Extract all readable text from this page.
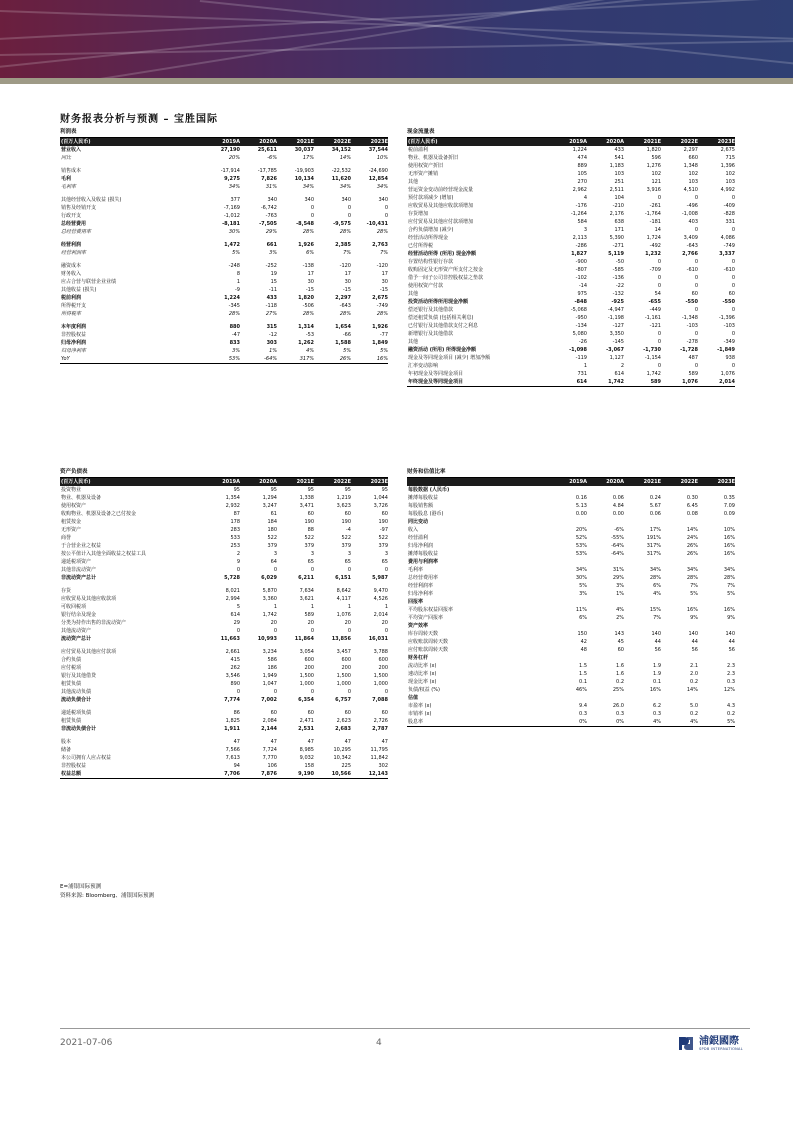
财务报表分析与预测 – 宝胜国际
利润表
(百万人民币)	2019A	2020A	2021E	2022E	2023E
营业收入	27,190	25,611	30,037	34,152	37,544
同比	20%	-6%	17%	14%	10%
销售成本	-17,914	-17,785	-19,903	-22,532	-24,690
毛利	9,275	7,826	10,134	11,620	12,854
毛利率	34%	31%	34%	34%	34%
其他经营收入及收益 (损失)	377	340	340	340	340
销售及经销开支	-7,169	-6,742	0	0	0
行政开支	-1,012	-763	0	0	0
总经营费用	-8,181	-7,505	-8,548	-9,575	-10,431
总经营费用率	30%	29%	28%	28%	28%
经营利润	1,472	661	1,926	2,385	2,763
经营利润率	5%	3%	6%	7%	7%
融资成本	-248	-252	-138	-120	-120
财务收入	8	19	17	17	17
应占合营与联营企业业绩	1	15	30	30	30
其他收益 (损失)	-9	-11	-15	-15	-15
税前利润	1,224	433	1,820	2,297	2,675
所得税开支	-345	-118	-506	-643	-749
所得税率	28%	27%	28%	28%	28%
本年度利润	880	315	1,314	1,654	1,926
非控股权益	-47	-12	-53	-66	-77
归母净利润	833	303	1,262	1,588	1,849
归母净利率	3%	1%	4%	5%	5%
YoY	53%	-64%	317%	26%	16%
现金流量表
(百万人民币)	2019A	2020A	2021E	2022E	2023E
税前溢利	1,224	433	1,820	2,297	2,675
物业、机器及设备折旧	474	541	596	660	715
使用权资产折旧	889	1,183	1,276	1,348	1,396
无形资产摊销	105	103	102	102	102
其他	270	251	121	103	103
营运资金变动前经营现金流量	2,962	2,511	3,916	4,510	4,992
预付款项减少 (增加)	4	104	0	0	0
应收贸易及其他应收款项增加	-176	-210	-261	-496	-409
存货增加	-1,264	2,176	-1,764	-1,008	-828
应付贸易及其他应付款项增加	584	638	-181	403	331
合约负债增加 (减少)	3	171	14	0	0
经营活动所得现金	2,113	5,390	1,724	3,409	4,086
已付所得税	-286	-271	-492	-643	-749
经营活动所得 (所用) 现金净额	1,827	5,119	1,232	2,766	3,337
存置结构性银行存款	-900	-50	0	0	0
收购固定及无形资产所支付之按金	-807	-585	-709	-610	-610
借予一间子公司非控股权益之垫款	-102	-136	0	0	0
使用权资产付款	-14	-22	0	0	0
其他	975	-132	54	60	60
投资活动所得所用现金净额	-848	-925	-655	-550	-550
偿还银行及其他借款	-5,068	-4,947	-449	0	0
偿还租赁负债 (包括相关利息)	-950	-1,198	-1,161	-1,348	-1,396
已付银行及其他借款支付之利息	-134	-127	-121	-103	-103
新增银行及其他借款	5,080	3,350	0	0	0
其他	-26	-145	0	-278	-349
融资活动 (所用) 所得现金净额	-1,098	-3,067	-1,730	-1,728	-1,849
现金及等同现金项目 (减少) 增加净额	-119	1,127	-1,154	487	938
汇率变动影响	1	2	0	0	0
年初现金及等同现金项目	731	614	1,742	589	1,076
年终现金及等同现金项目	614	1,742	589	1,076	2,014
资产负债表
(百万人民币)	2019A	2020A	2021E	2022E	2023E
投资物业	95	95	95	95	95
物业、机器及设备	1,354	1,294	1,338	1,219	1,044
使用权资产	2,932	3,247	3,471	3,623	3,726
收购物业、机器及设备之已付按金	87	61	60	60	60
租赁按金	178	184	190	190	190
无形资产	283	180	88	-4	-97
商誉	533	522	522	522	522
于合营企业之权益	253	379	379	379	379
按公平值计入其他全面收益之权益工具	2	3	3	3	3
递延税项资产	9	64	65	65	65
其他非流动资产	0	0	0	0	0
非流动资产总计	5,728	6,029	6,211	6,151	5,987
存货	8,021	5,870	7,634	8,642	9,470
应收贸易及其他应收款项	2,994	3,360	3,621	4,117	4,526
可收回税项	5	1	1	1	1
银行结余及现金	614	1,742	589	1,076	2,014
分类为持作出售的非流动资产	29	20	20	20	20
其他流动资产	0	0	0	0	0
流动资产总计	11,663	10,993	11,864	13,856	16,031
应付贸易及其他应付款项	2,661	3,234	3,054	3,457	3,788
合约负债	415	586	600	600	600
应付税项	262	186	200	200	200
银行及其他借贷	3,546	1,949	1,500	1,500	1,500
租赁负债	890	1,047	1,000	1,000	1,000
其他流动负债	0	0	0	0	0
流动负债合计	7,774	7,002	6,354	6,757	7,088
递延税项负债	86	60	60	60	60
租赁负债	1,825	2,084	2,471	2,623	2,726
非流动负债合计	1,911	2,144	2,531	2,683	2,787
股本	47	47	47	47	47
储备	7,566	7,724	8,985	10,295	11,795
本公司拥有人应占权益	7,613	7,770	9,032	10,342	11,842
非控股权益	94	106	158	225	302
权益总额	7,706	7,876	9,190	10,566	12,143
财务和估值比率
2019A	2020A	2021E	2022E	2023E
每股数据 (人民币)
摊薄每股收益	0.16	0.06	0.24	0.30	0.35
每股销售额	5.13	4.84	5.67	6.45	7.09
每股股息 (港币)	0.00	0.00	0.06	0.08	0.09
同比变动
收入	20%	-6%	17%	14%	10%
经营溢利	52%	-55%	191%	24%	16%
归母净利润	53%	-64%	317%	26%	16%
摊薄每股收益	53%	-64%	317%	26%	16%
费用与利润率
毛利率	34%	31%	34%	34%	34%
总经营费用率	30%	29%	28%	28%	28%
经营利润率	5%	3%	6%	7%	7%
归母净利率	3%	1%	4%	5%	5%
回报率
平均股东权益回报率	11%	4%	15%	16%	16%
平均资产回报率	6%	2%	7%	9%	9%
资产效率
库存周转天数	150	143	140	140	140
应收账款周转天数	42	45	44	44	44
应付账款周转天数	48	60	56	56	56
财务杠杆
流动比率 (x)	1.5	1.6	1.9	2.1	2.3
速动比率 (x)	1.5	1.6	1.9	2.0	2.3
现金比率 (x)	0.1	0.2	0.1	0.2	0.3
负债/权益 (%)	46%	25%	16%	14%	12%
估值
市盈率 (x)	9.4	26.0	6.2	5.0	4.3
市销率 (x)	0.3	0.3	0.3	0.2	0.2
股息率	0%	0%	4%	4%	5%
E=浦银国际预测
资料来源: Bloomberg、浦银国际预测
2021-07-06	4	浦銀國際
SPDB INTERNATIONAL
